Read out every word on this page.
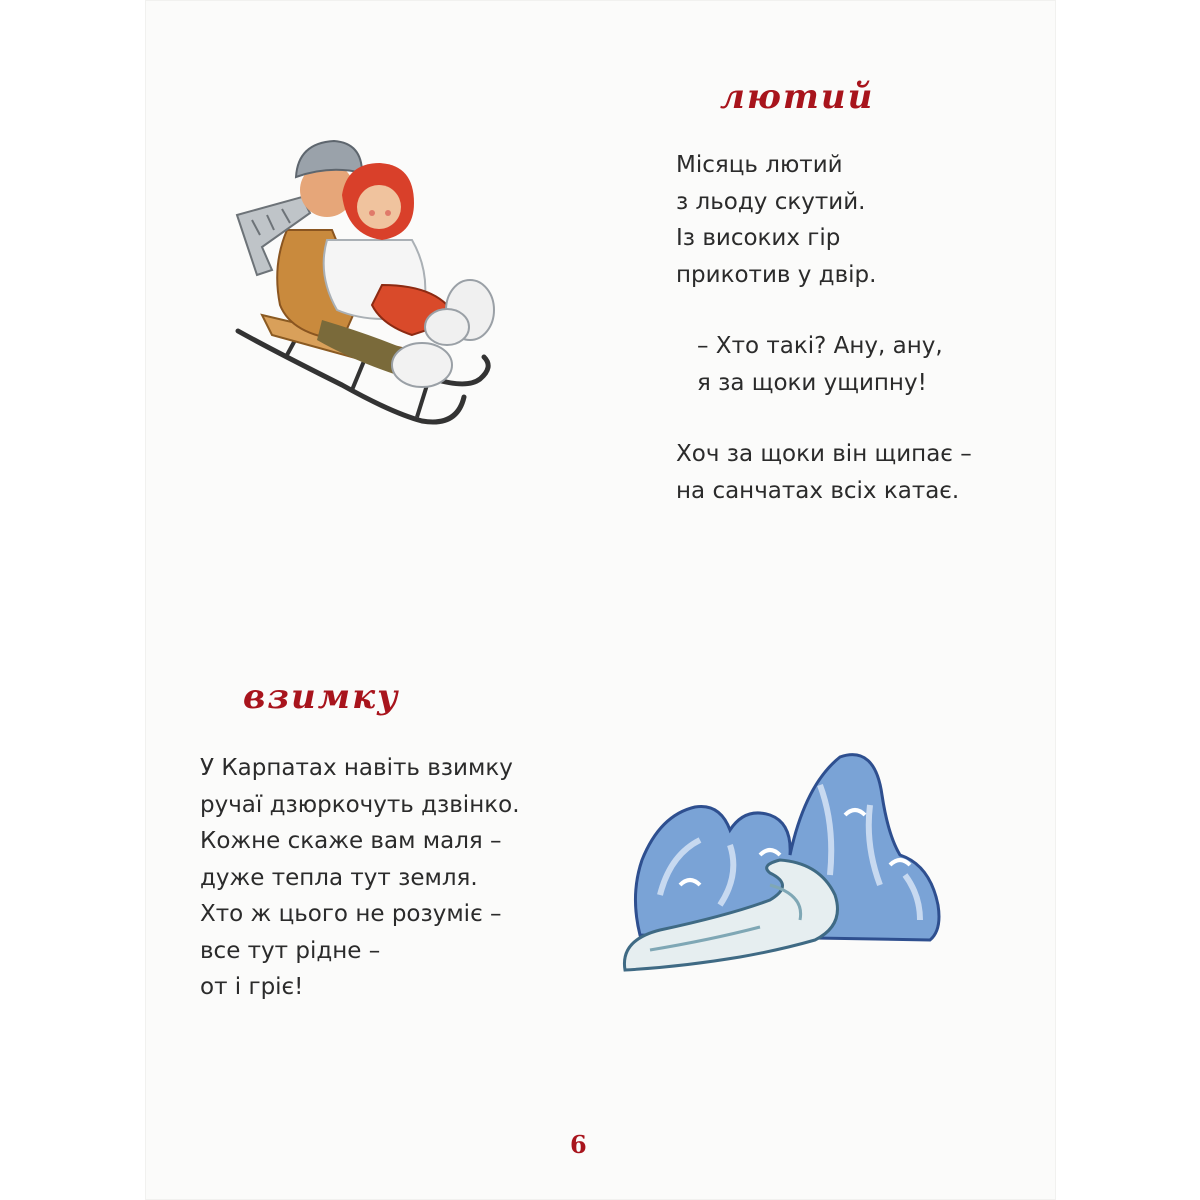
лютий
Місяць лютий
з льоду скутий.
Із високих гір
прикотив у двір.
– Хто такі? Ану, ану,
я за щоки ущипну!
Хоч за щоки він щипає –
на санчатах всіх катає.
взимку
У Карпатах навіть взимку
ручаї дзюркочуть дзвінко.
Кожне скаже вам маля –
дуже тепла тут земля.
Хто ж цього не розуміє –
все тут рідне –
от і гріє!
6
